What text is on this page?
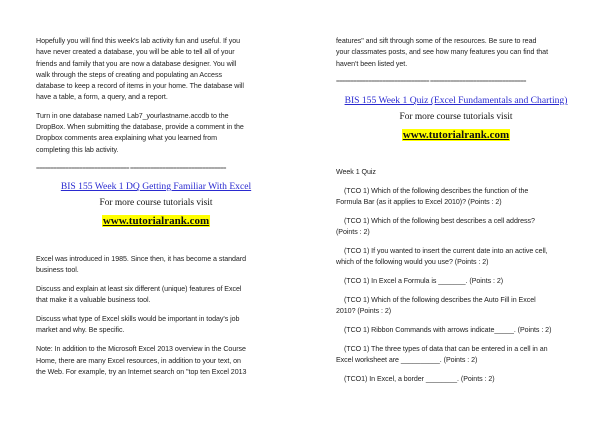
Hopefully you will find this week's lab activity fun and useful. If you
have never created a database, you will be able to tell all of your
friends and family that you are now a database designer. You will
walk through the steps of creating and populating an Access
database to keep a record of items in your home. The database will
have a table, a form, a query, and a report.
Turn in one database named Lab7_yourlastname.accdb to the
DropBox. When submitting the database, provide a comment in the
Dropbox comments area explaining what you learned from
completing this lab activity.
================================ =================================
BIS 155 Week 1 DQ Getting Familiar With Excel
For more course tutorials visit
www.tutorialrank.com
Excel was introduced in 1985. Since then, it has become a standard
business tool.
Discuss and explain at least six different (unique) features of Excel
that make it a valuable business tool.
Discuss what type of Excel skills would be important in today's job
market and why. Be specific.
Note: In addition to the Microsoft Excel 2013 overview in the Course
Home, there are many Excel resources, in addition to your text, on
the Web. For example, try an Internet search on "top ten Excel 2013
features" and sift through some of the resources. Be sure to read
your classmates posts, and see how many features you can find that
haven't been listed yet.
================================ =================================
BIS 155 Week 1 Quiz (Excel Fundamentals and Charting)
For more course tutorials visit
www.tutorialrank.com
Week 1 Quiz
(TCO 1) Which of the following describes the function of the
Formula Bar (as it applies to Excel 2010)? (Points : 2)
(TCO 1) Which of the following best describes a cell address?
(Points : 2)
(TCO 1) If you wanted to insert the current date into an active cell,
which of the following would you use? (Points : 2)
(TCO 1) In Excel a Formula is _______. (Points : 2)
(TCO 1) Which of the following describes the Auto Fill in Excel
2010? (Points : 2)
(TCO 1) Ribbon Commands with arrows indicate_____. (Points : 2)
(TCO 1) The three types of data that can be entered in a cell in an
Excel worksheet are __________. (Points : 2)
(TCO1) In Excel, a border ________. (Points : 2)
